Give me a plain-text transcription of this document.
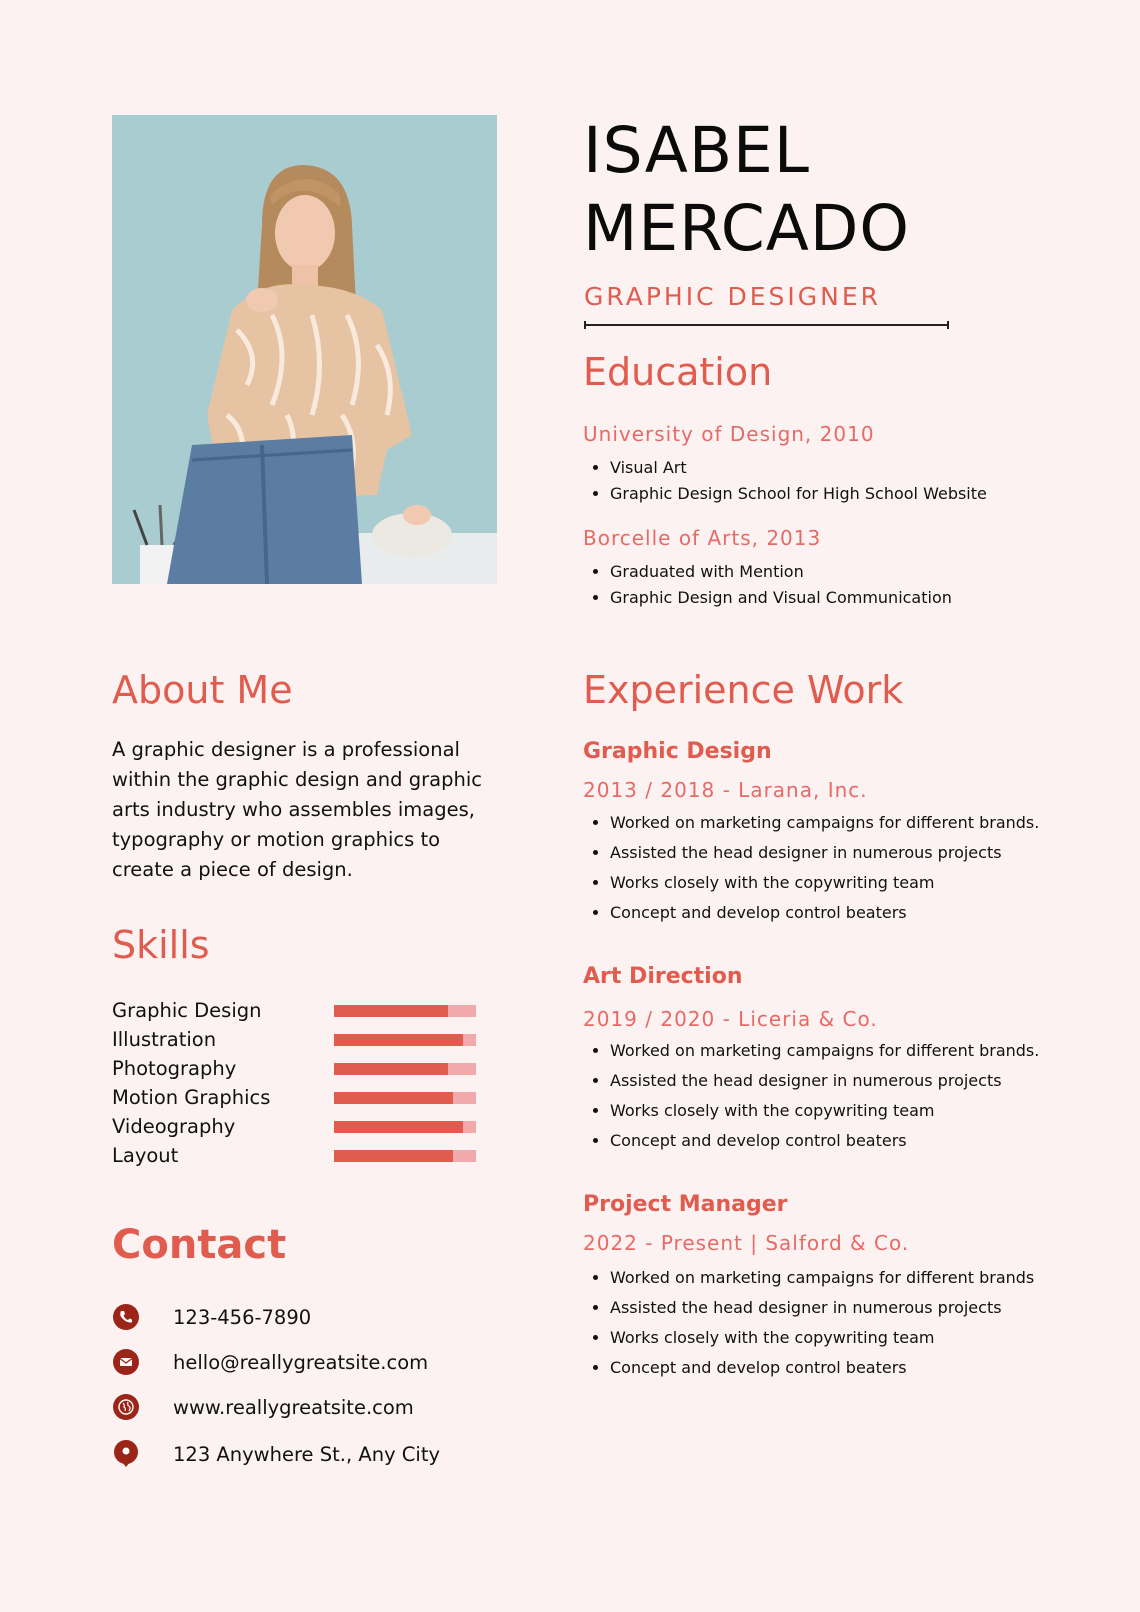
ISABEL
MERCADO
GRAPHIC DESIGNER
Education
University of Design, 2010
• Visual Art
• Graphic Design School for High School Website
Borcelle of Arts, 2013
• Graduated with Mention
• Graphic Design and Visual Communication
About Me
A graphic designer is a professional within the graphic design and graphic arts industry who assembles images, typography or motion graphics to create a piece of design.
Skills
Graphic Design
Illustration
Photography
Motion Graphics
Videography
Layout
Contact
123-456-7890
hello@reallygreatsite.com
www.reallygreatsite.com
123 Anywhere St., Any City
Experience Work
Graphic Design
2013 / 2018 - Larana, Inc.
• Worked on marketing campaigns for different brands.
• Assisted the head designer in numerous projects
• Works closely with the copywriting team
• Concept and develop control beaters
Art Direction
2019 / 2020 - Liceria & Co.
• Worked on marketing campaigns for different brands.
• Assisted the head designer in numerous projects
• Works closely with the copywriting team
• Concept and develop control beaters
Project Manager
2022 - Present | Salford & Co.
• Worked on marketing campaigns for different brands
• Assisted the head designer in numerous projects
• Works closely with the copywriting team
• Concept and develop control beaters
